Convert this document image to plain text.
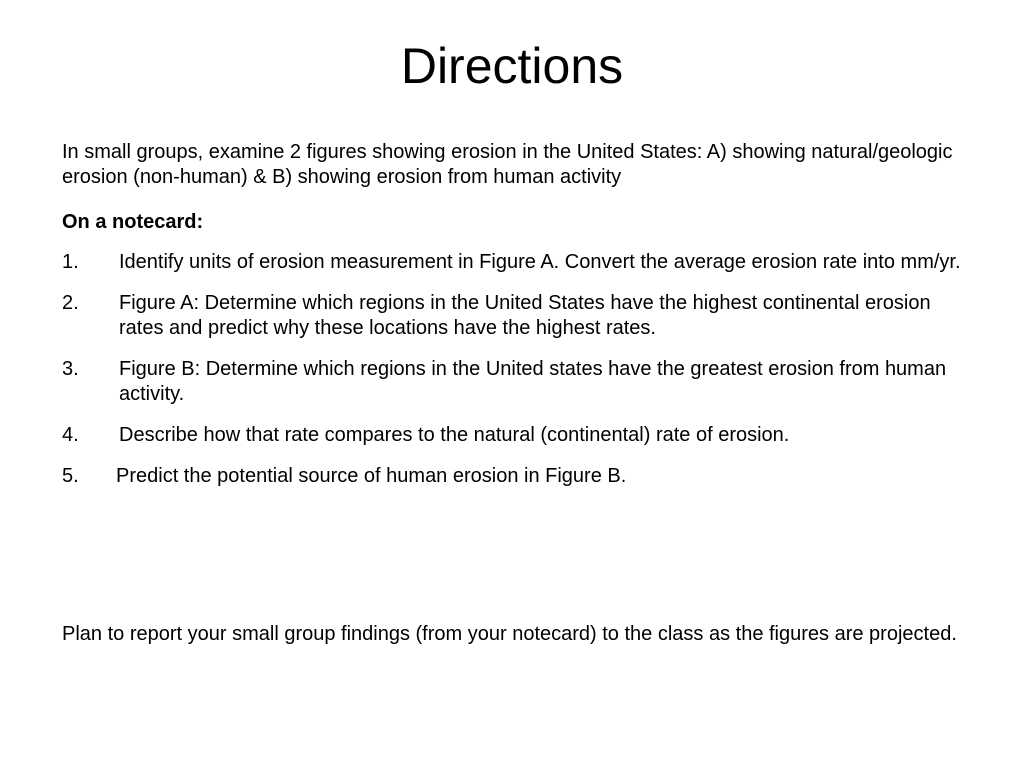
Directions

In small groups, examine 2 figures showing erosion in the United States: A) showing natural/geologic erosion (non-human) & B) showing erosion from human activity

On a notecard:

1. Identify units of erosion measurement in Figure A. Convert the average erosion rate into mm/yr.
2. Figure A: Determine which regions in the United States have the highest continental erosion rates and predict why these locations have the highest rates.
3. Figure B: Determine which regions in the United states have the greatest erosion from human activity.
4. Describe how that rate compares to the natural (continental) rate of erosion.
5. Predict the potential source of human erosion in Figure B.

Plan to report your small group findings (from your notecard) to the class as the figures are projected.
